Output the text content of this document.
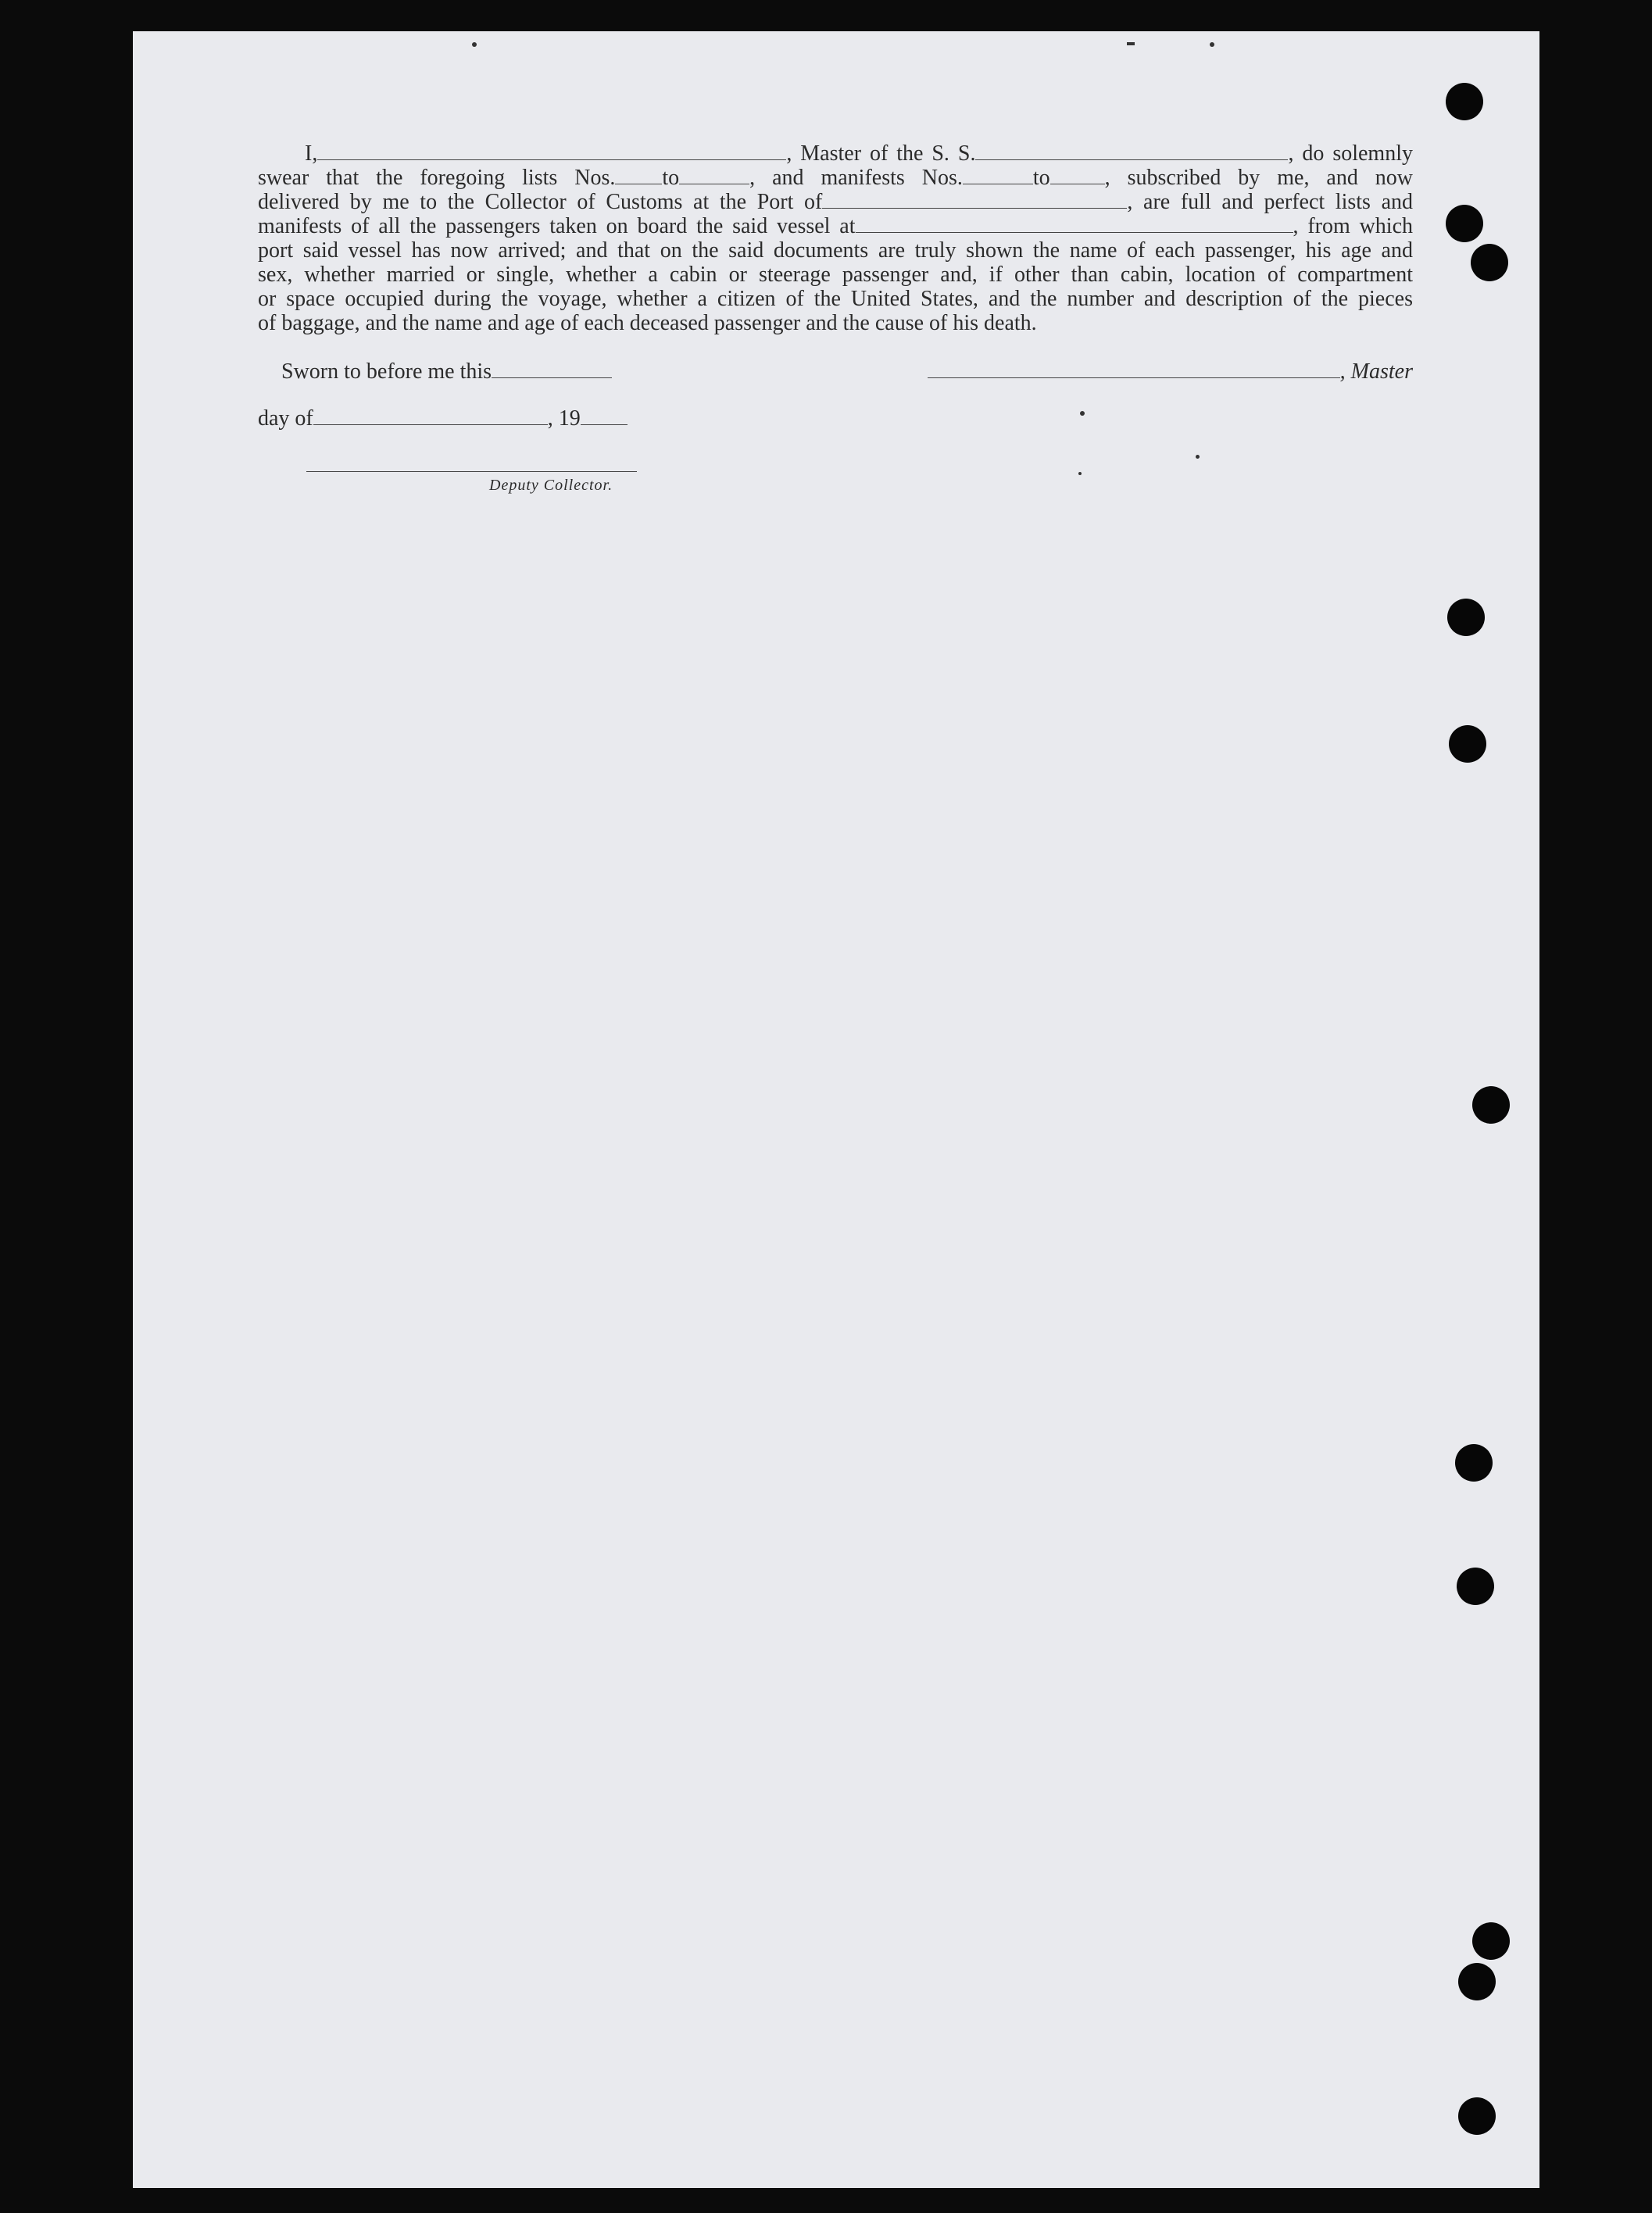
I,	, Master of the S. S.	, do solemnly
swear that the foregoing lists Nos. to	, and manifests Nos.	to	, subscribed by me, and now
delivered by me to the Collector of Customs at the Port of	, are full and perfect lists and
manifests of all the passengers taken on board the said vessel at	, from which
port said vessel has now arrived; and that on the said documents are truly shown the name of each passenger, his age and
sex, whether married or single, whether a cabin or steerage passenger and, if other than cabin, location of compartment
or space occupied during the voyage, whether a citizen of the United States, and the number and description of the pieces
of baggage, and the name and age of each deceased passenger and the cause of his death.
Sworn to before me this	, Master
day of	, 19
Deputy Collector.
